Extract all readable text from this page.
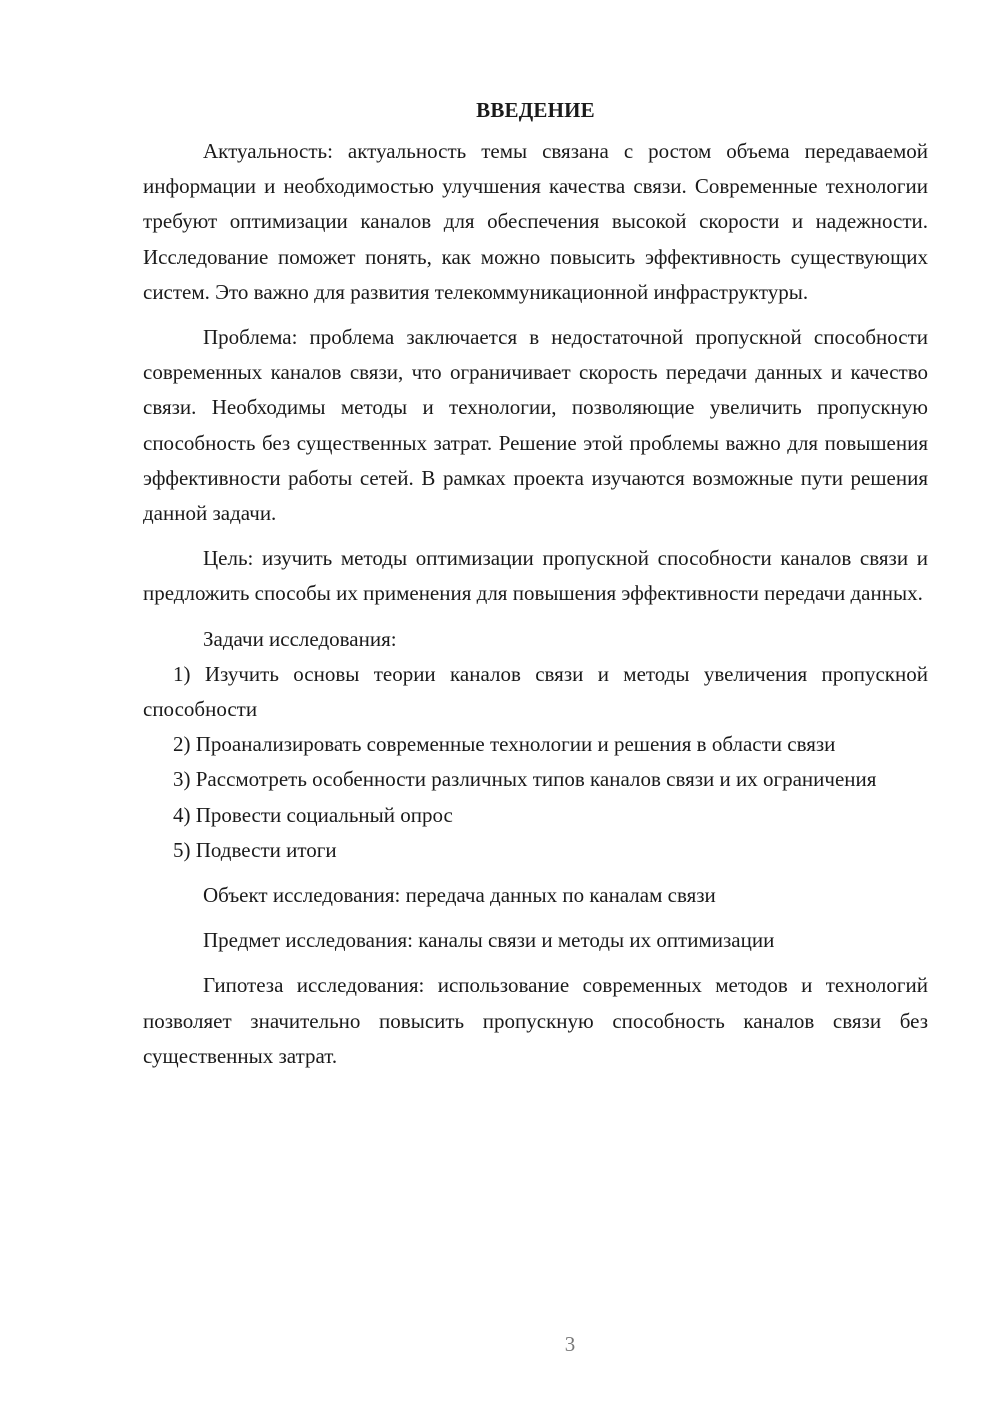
ВВЕДЕНИЕ

Актуальность: актуальность темы связана с ростом объема передаваемой информации и необходимостью улучшения качества связи. Современные технологии требуют оптимизации каналов для обеспечения высокой скорости и надежности. Исследование поможет понять, как можно повысить эффективность существующих систем. Это важно для развития телекоммуникационной инфраструктуры.

Проблема: проблема заключается в недостаточной пропускной способности современных каналов связи, что ограничивает скорость передачи данных и качество связи. Необходимы методы и технологии, позволяющие увеличить пропускную способность без существенных затрат. Решение этой проблемы важно для повышения эффективности работы сетей. В рамках проекта изучаются возможные пути решения данной задачи.

Цель: изучить методы оптимизации пропускной способности каналов связи и предложить способы их применения для повышения эффективности передачи данных.

Задачи исследования:

1) Изучить основы теории каналов связи и методы увеличения пропускной способности

2) Проанализировать современные технологии и решения в области связи

3) Рассмотреть особенности различных типов каналов связи и их ограничения

4) Провести социальный опрос

5) Подвести итоги

Объект исследования: передача данных по каналам связи

Предмет исследования: каналы связи и методы их оптимизации

Гипотеза исследования: использование современных методов и технологий позволяет значительно повысить пропускную способность каналов связи без существенных затрат.

3
